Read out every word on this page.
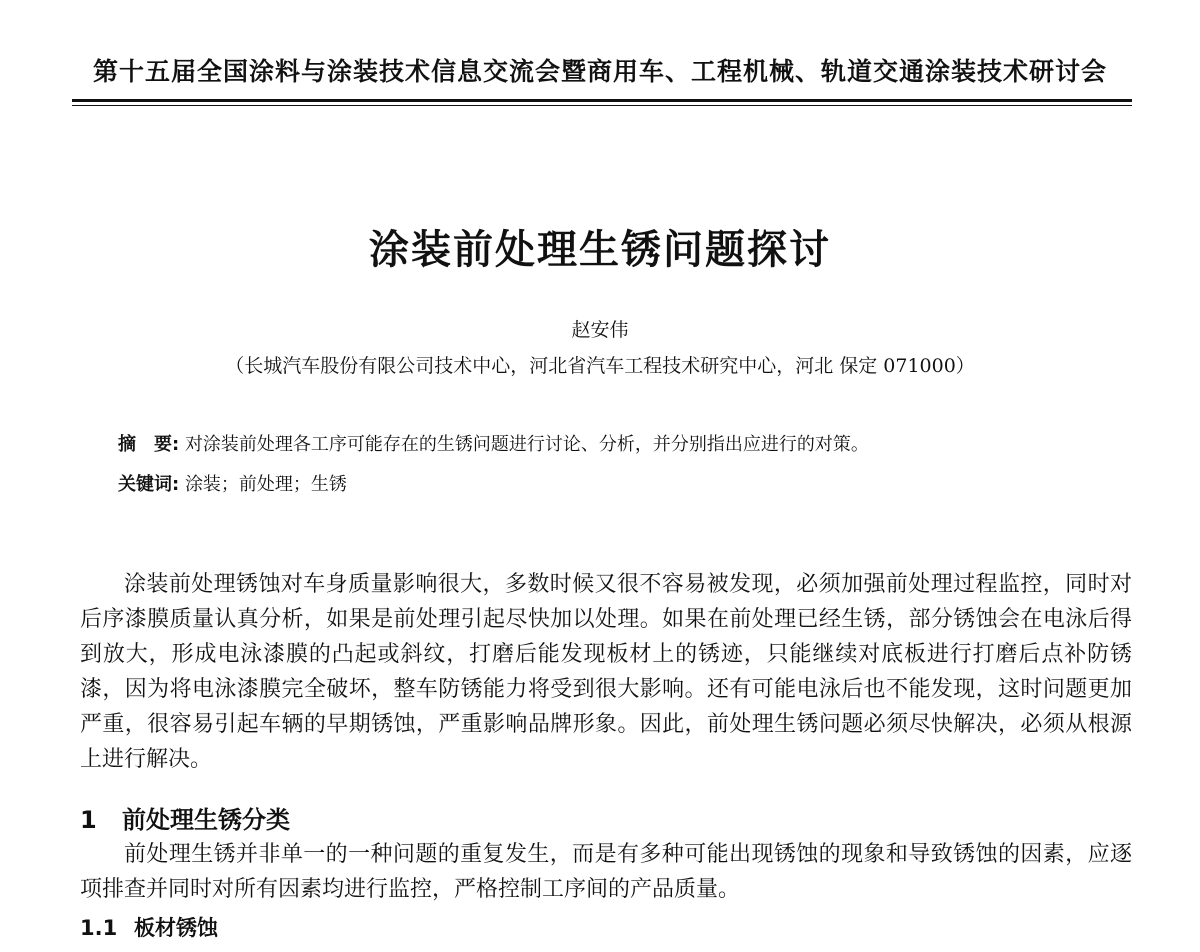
第十五届全国涂料与涂装技术信息交流会暨商用车、工程机械、轨道交通涂装技术研讨会
涂装前处理生锈问题探讨
赵安伟
（长城汽车股份有限公司技术中心，河北省汽车工程技术研究中心，河北 保定 071000）
摘　要: 对涂装前处理各工序可能存在的生锈问题进行讨论、分析，并分别指出应进行的对策。
关键词: 涂装；前处理；生锈

涂装前处理锈蚀对车身质量影响很大，多数时候又很不容易被发现，必须加强前处理过程监控，同时对后序漆膜质量认真分析，如果是前处理引起尽快加以处理。如果在前处理已经生锈，部分锈蚀会在电泳后得到放大，形成电泳漆膜的凸起或斜纹，打磨后能发现板材上的锈迹，只能继续对底板进行打磨后点补防锈漆，因为将电泳漆膜完全破坏，整车防锈能力将受到很大影响。还有可能电泳后也不能发现，这时问题更加严重，很容易引起车辆的早期锈蚀，严重影响品牌形象。因此，前处理生锈问题必须尽快解决，必须从根源上进行解决。

1 前处理生锈分类

前处理生锈并非单一的一种问题的重复发生，而是有多种可能出现锈蚀的现象和导致锈蚀的因素，应逐项排查并同时对所有因素均进行监控，严格控制工序间的产品质量。

1.1 板材锈蚀
